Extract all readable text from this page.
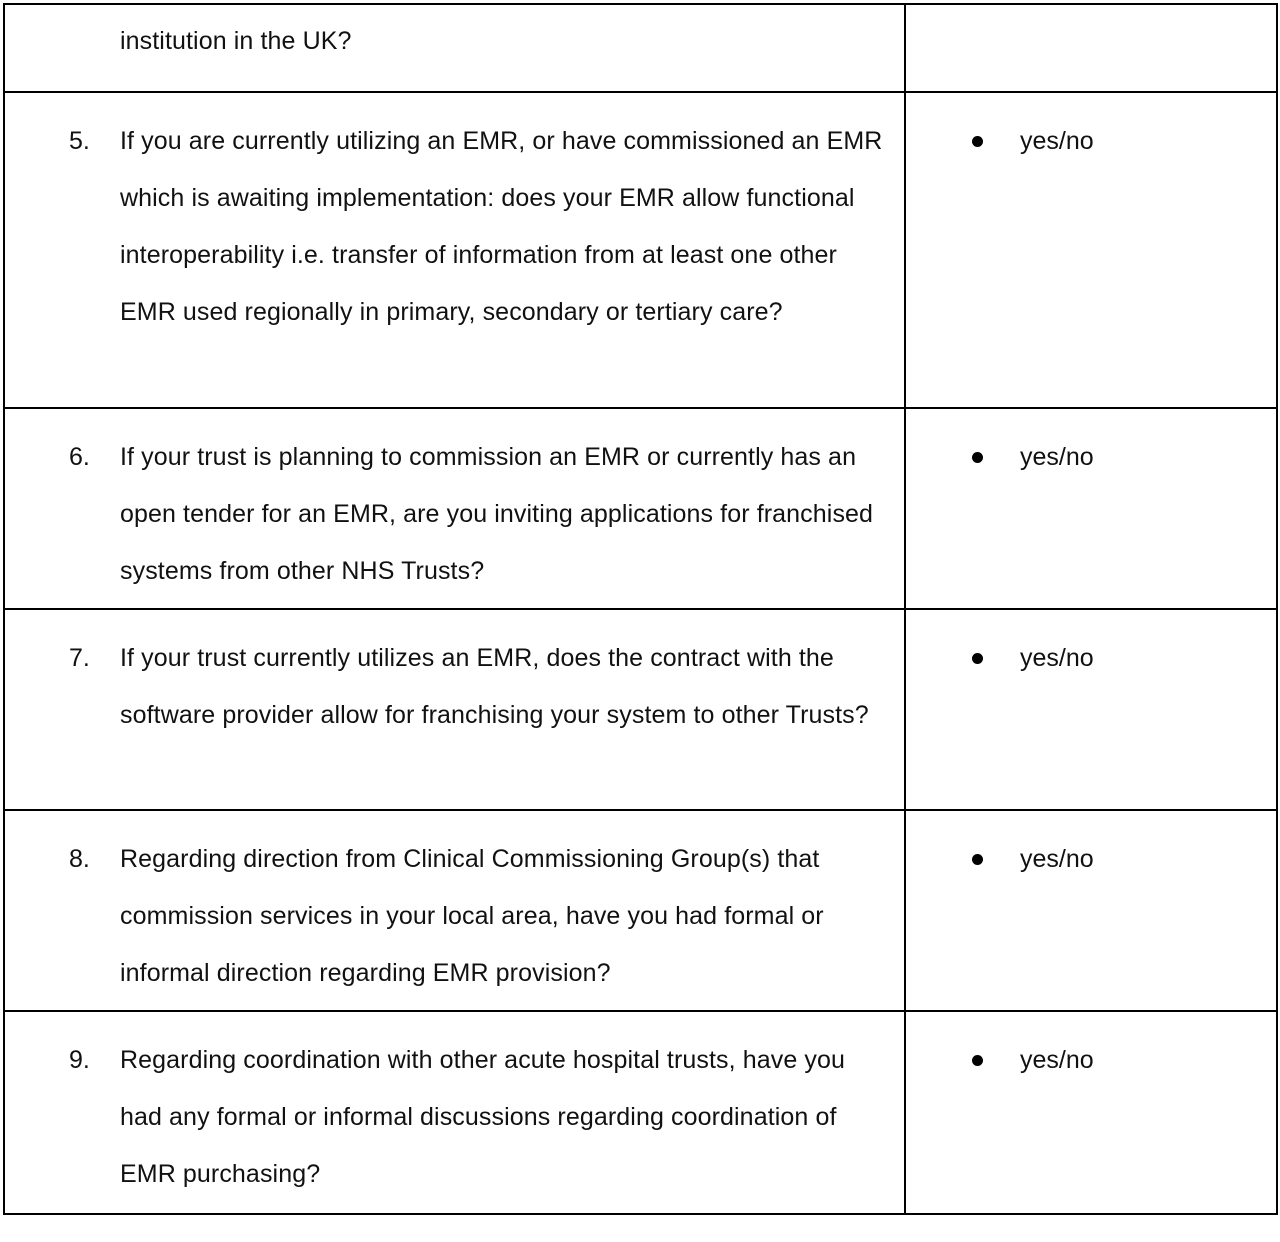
institution in the UK?	

5. If you are currently utilizing an EMR, or have commissioned an EMR which is awaiting implementation: does your EMR allow functional interoperability i.e. transfer of information from at least one other EMR used regionally in primary, secondary or tertiary care?	yes/no

6. If your trust is planning to commission an EMR or currently has an open tender for an EMR, are you inviting applications for franchised systems from other NHS Trusts?	yes/no

7. If your trust currently utilizes an EMR, does the contract with the software provider allow for franchising your system to other Trusts?	yes/no

8. Regarding direction from Clinical Commissioning Group(s) that commission services in your local area, have you had formal or informal direction regarding EMR provision?	yes/no

9. Regarding coordination with other acute hospital trusts, have you had any formal or informal discussions regarding coordination of EMR purchasing?	yes/no
